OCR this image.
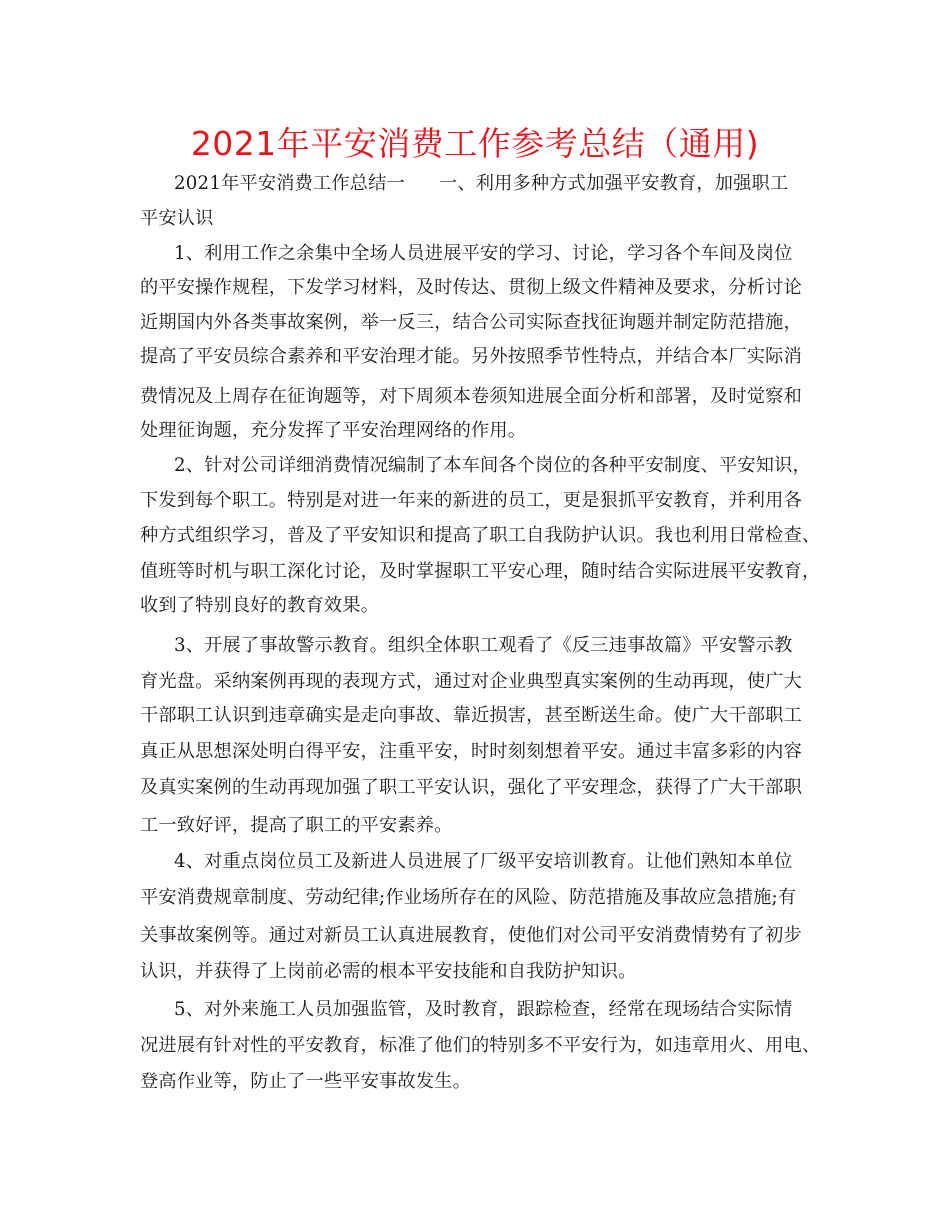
2021年平安消费工作参考总结（通用)
2021年平安消费工作总结一 一、利用多种方式加强平安教育，加强职工
平安认识
1、利用工作之余集中全场人员进展平安的学习、讨论，学习各个车间及岗位
的平安操作规程，下发学习材料，及时传达、贯彻上级文件精神及要求，分析讨论
近期国内外各类事故案例，举一反三，结合公司实际查找征询题并制定防范措施，
提高了平安员综合素养和平安治理才能。另外按照季节性特点，并结合本厂实际消
费情况及上周存在征询题等，对下周须本卷须知进展全面分析和部署，及时觉察和
处理征询题，充分发挥了平安治理网络的作用。
2、针对公司详细消费情况编制了本车间各个岗位的各种平安制度、平安知识，
下发到每个职工。特别是对进一年来的新进的员工，更是狠抓平安教育，并利用各
种方式组织学习，普及了平安知识和提高了职工自我防护认识。我也利用日常检查、
值班等时机与职工深化讨论，及时掌握职工平安心理，随时结合实际进展平安教育，
收到了特别良好的教育效果。
3、开展了事故警示教育。组织全体职工观看了《反三违事故篇》平安警示教
育光盘。采纳案例再现的表现方式，通过对企业典型真实案例的生动再现，使广大
干部职工认识到违章确实是走向事故、靠近损害，甚至断送生命。使广大干部职工
真正从思想深处明白得平安，注重平安，时时刻刻想着平安。通过丰富多彩的内容
及真实案例的生动再现加强了职工平安认识，强化了平安理念，获得了广大干部职
工一致好评，提高了职工的平安素养。
4、对重点岗位员工及新进人员进展了厂级平安培训教育。让他们熟知本单位
平安消费规章制度、劳动纪律;作业场所存在的风险、防范措施及事故应急措施;有
关事故案例等。通过对新员工认真进展教育，使他们对公司平安消费情势有了初步
认识，并获得了上岗前必需的根本平安技能和自我防护知识。
5、对外来施工人员加强监管，及时教育，跟踪检查，经常在现场结合实际情
况进展有针对性的平安教育，标准了他们的特别多不平安行为，如违章用火、用电、
登高作业等，防止了一些平安事故发生。
